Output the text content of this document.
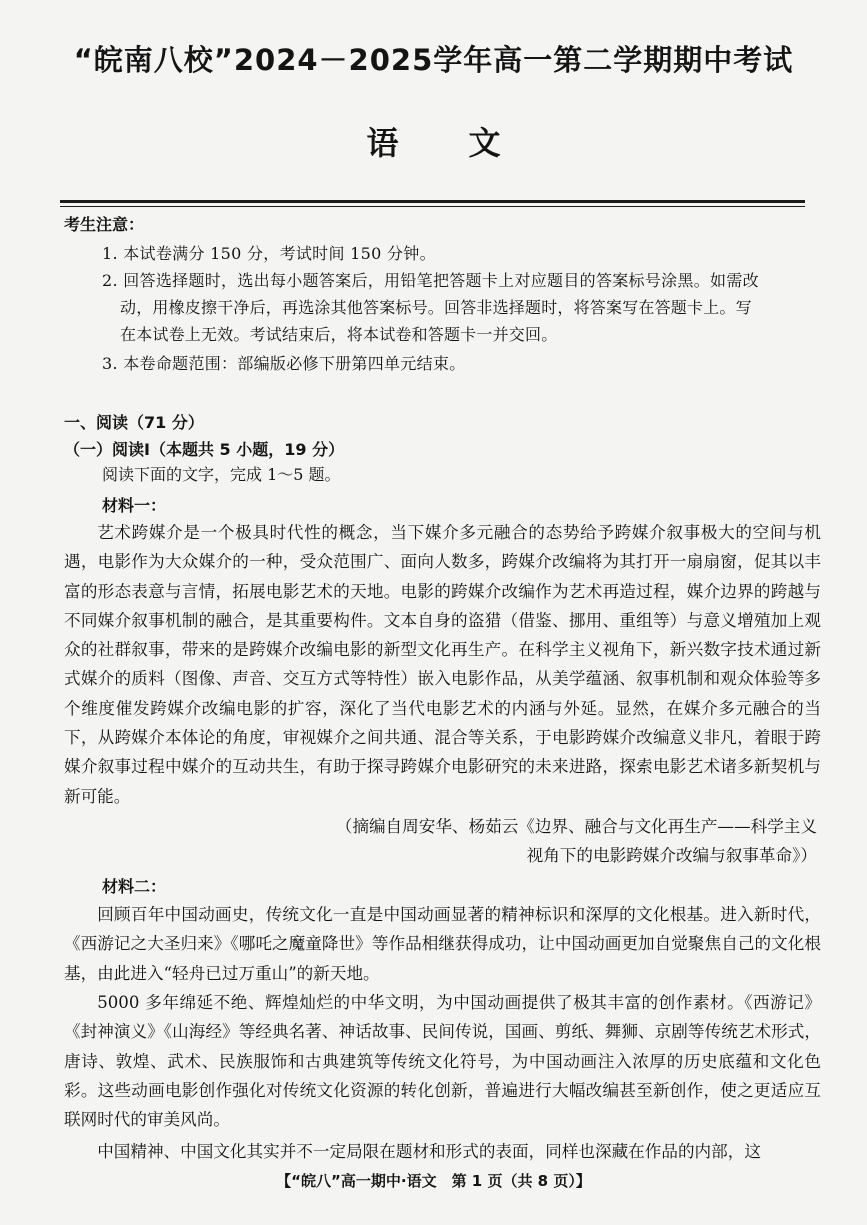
“皖南八校”2024－2025学年高一第二学期期中考试
语文
考生注意：
1. 本试卷满分 150 分，考试时间 150 分钟。
2. 回答选择题时，选出每小题答案后，用铅笔把答题卡上对应题目的答案标号涂黑。如需改
动，用橡皮擦干净后，再选涂其他答案标号。回答非选择题时，将答案写在答题卡上。写
在本试卷上无效。考试结束后，将本试卷和答题卡一并交回。
3. 本卷命题范围：部编版必修下册第四单元结束。
一、阅读（71 分）
（一）阅读Ⅰ（本题共 5 小题，19 分）
阅读下面的文字，完成 1～5 题。
材料一：

艺术跨媒介是一个极具时代性的概念，当下媒介多元融合的态势给予跨媒介叙事极大的空间与机遇，电影作为大众媒介的一种，受众范围广、面向人数多，跨媒介改编将为其打开一扇扇窗，促其以丰富的形态表意与言情，拓展电影艺术的天地。电影的跨媒介改编作为艺术再造过程，媒介边界的跨越与不同媒介叙事机制的融合，是其重要构件。文本自身的盗猎（借鉴、挪用、重组等）与意义增殖加上观众的社群叙事，带来的是跨媒介改编电影的新型文化再生产。在科学主义视角下，新兴数字技术通过新式媒介的质料（图像、声音、交互方式等特性）嵌入电影作品，从美学蕴涵、叙事机制和观众体验等多个维度催发跨媒介改编电影的扩容，深化了当代电影艺术的内涵与外延。显然，在媒介多元融合的当下，从跨媒介本体论的角度，审视媒介之间共通、混合等关系，于电影跨媒介改编意义非凡，着眼于跨媒介叙事过程中媒介的互动共生，有助于探寻跨媒介电影研究的未来进路，探索电影艺术诸多新契机与新可能。

（摘编自周安华、杨茹云《边界、融合与文化再生产——科学主义
视角下的电影跨媒介改编与叙事革命》）
材料二：

回顾百年中国动画史，传统文化一直是中国动画显著的精神标识和深厚的文化根基。进入新时代，《西游记之大圣归来》《哪吒之魔童降世》等作品相继获得成功，让中国动画更加自觉聚焦自己的文化根基，由此进入“轻舟已过万重山”的新天地。

5000 多年绵延不绝、辉煌灿烂的中华文明，为中国动画提供了极其丰富的创作素材。《西游记》《封神演义》《山海经》等经典名著、神话故事、民间传说，国画、剪纸、舞狮、京剧等传统艺术形式，唐诗、敦煌、武术、民族服饰和古典建筑等传统文化符号，为中国动画注入浓厚的历史底蕴和文化色彩。这些动画电影创作强化对传统文化资源的转化创新，普遍进行大幅改编甚至新创作，使之更适应互联网时代的审美风尚。

中国精神、中国文化其实并不一定局限在题材和形式的表面，同样也深藏在作品的内部，这

【“皖八”高一期中·语文　第 1 页（共 8 页）】
